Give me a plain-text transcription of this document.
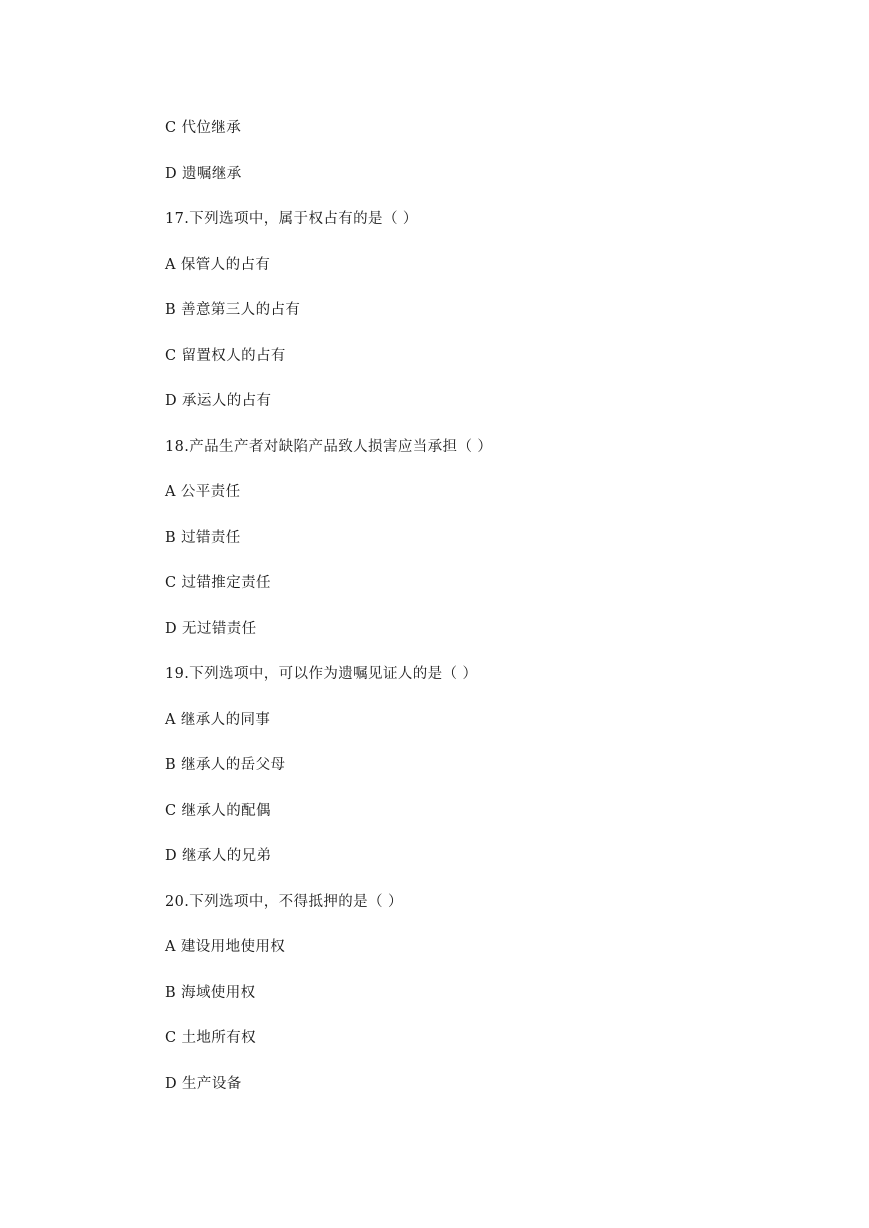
C 代位继承
D 遗嘱继承
17.下列选项中，属于权占有的是（ ）
A 保管人的占有
B 善意第三人的占有
C 留置权人的占有
D 承运人的占有
18.产品生产者对缺陷产品致人损害应当承担（ ）
A 公平责任
B 过错责任
C 过错推定责任
D 无过错责任
19.下列选项中，可以作为遗嘱见证人的是（ ）
A 继承人的同事
B 继承人的岳父母
C 继承人的配偶
D 继承人的兄弟
20.下列选项中，不得抵押的是（ ）
A 建设用地使用权
B 海域使用权
C 土地所有权
D 生产设备
